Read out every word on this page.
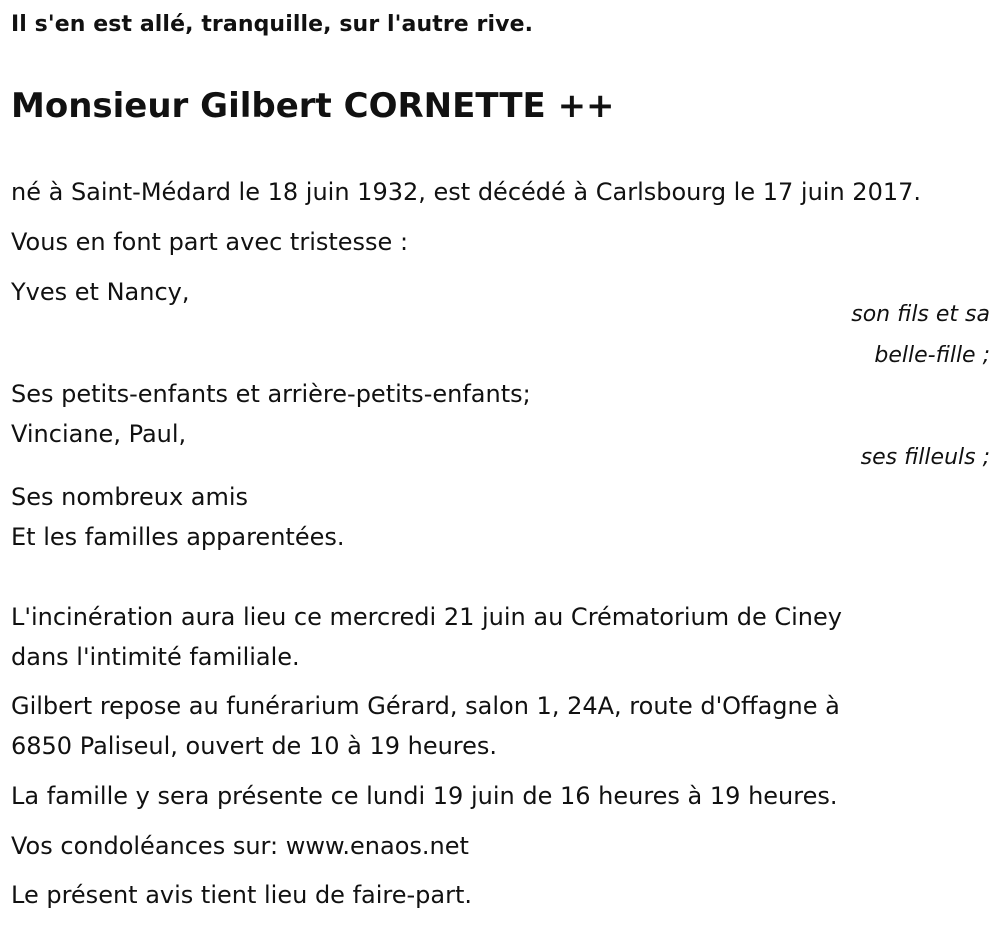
Il s'en est allé, tranquille, sur l'autre rive.
Monsieur Gilbert CORNETTE ++
né à Saint-Médard le 18 juin 1932, est décédé à Carlsbourg le 17 juin 2017.
Vous en font part avec tristesse :
Yves et Nancy,
son fils et sa
belle-fille ;
Ses petits-enfants et arrière-petits-enfants;
Vinciane, Paul,
ses filleuls ;
Ses nombreux amis
Et les familles apparentées.
L'incinération aura lieu ce mercredi 21 juin au Crématorium de Ciney
dans l'intimité familiale.
Gilbert repose au funérarium Gérard, salon 1, 24A, route d'Offagne à
6850 Paliseul, ouvert de 10 à 19 heures.
La famille y sera présente ce lundi 19 juin de 16 heures à 19 heures.
Vos condoléances sur: www.enaos.net
Le présent avis tient lieu de faire-part.
